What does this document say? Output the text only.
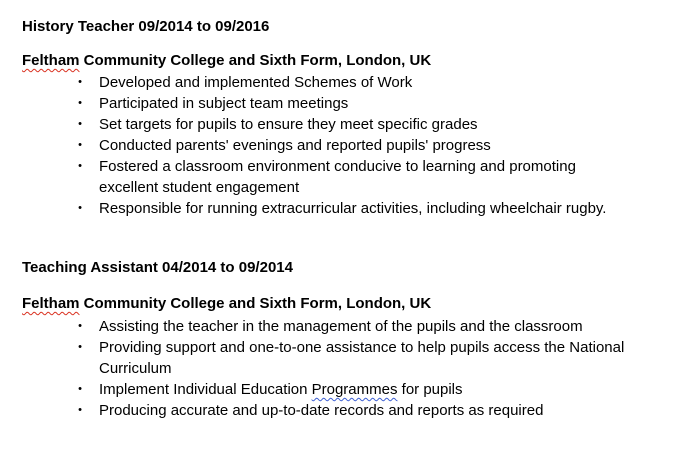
History Teacher 09/2014 to 09/2016
Feltham Community College and Sixth Form, London, UK
• Developed and implemented Schemes of Work
• Participated in subject team meetings
• Set targets for pupils to ensure they meet specific grades
• Conducted parents' evenings and reported pupils' progress
• Fostered a classroom environment conducive to learning and promoting excellent student engagement
• Responsible for running extracurricular activities, including wheelchair rugby.
Teaching Assistant 04/2014 to 09/2014
Feltham Community College and Sixth Form, London, UK
• Assisting the teacher in the management of the pupils and the classroom
• Providing support and one-to-one assistance to help pupils access the National Curriculum
• Implement Individual Education Programmes for pupils
• Producing accurate and up-to-date records and reports as required
